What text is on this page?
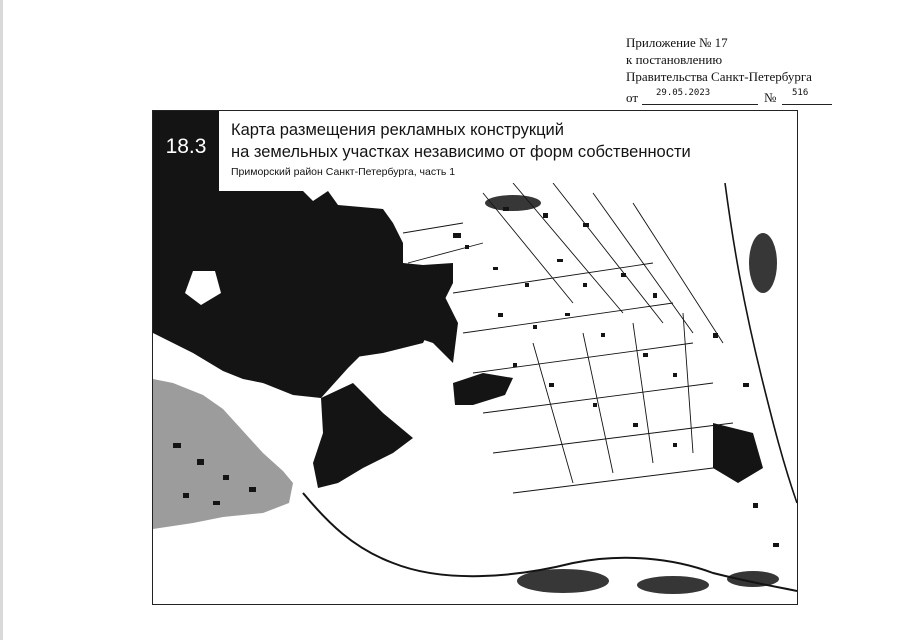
Приложение № 17
к постановлению
Правительства Санкт-Петербурга
от 29.05.2023	№ 516
18.3
Карта размещения рекламных конструкций
на земельных участках независимо от форм собственности
Приморский район Санкт-Петербурга, часть 1
